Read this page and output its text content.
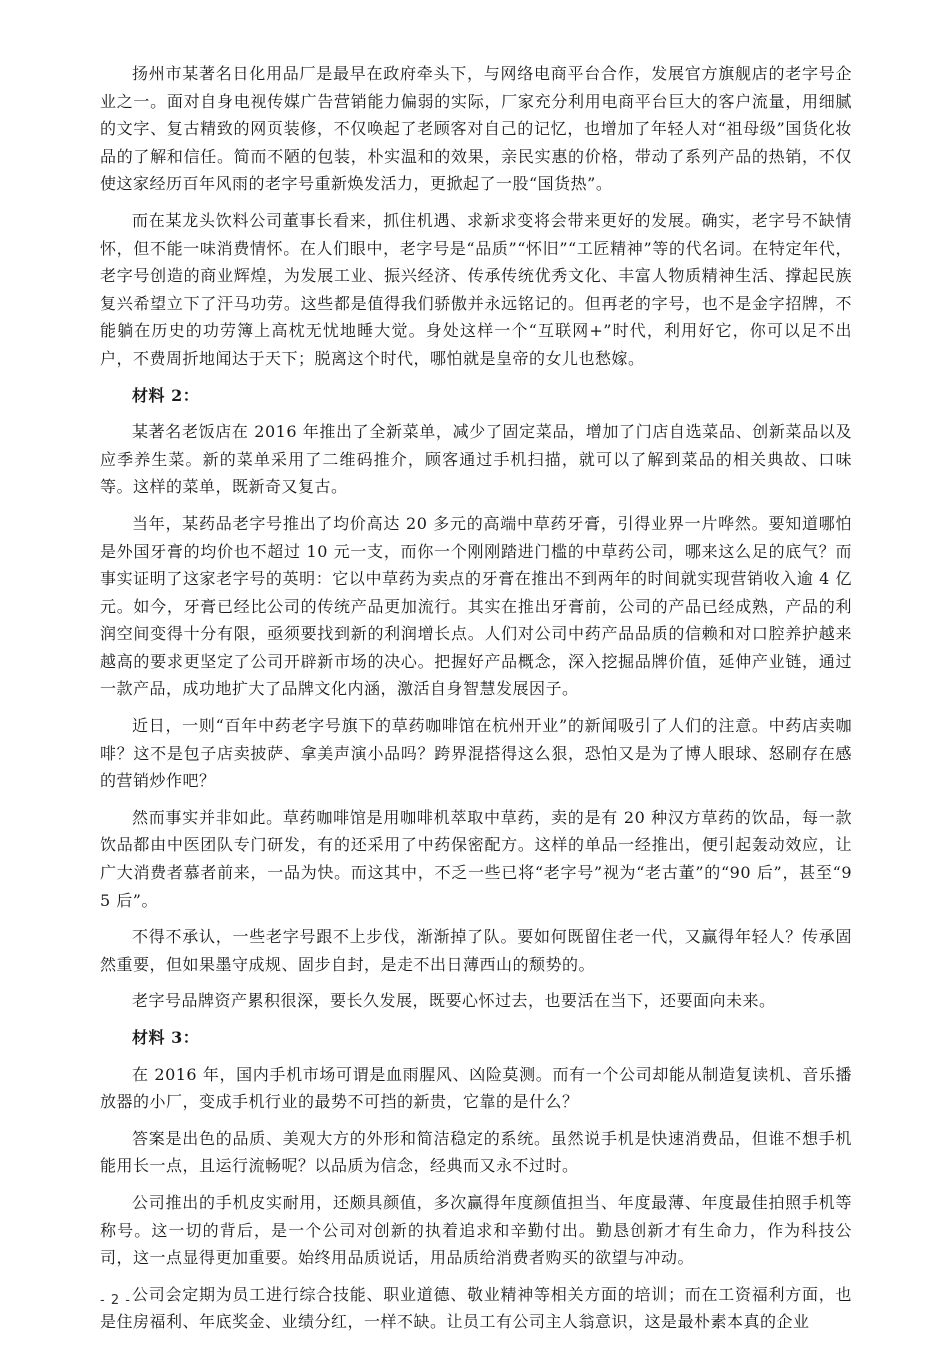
扬州市某著名日化用品厂是最早在政府牵头下，与网络电商平台合作，发展官方旗舰店的老字号企业之一。面对自身电视传媒广告营销能力偏弱的实际，厂家充分利用电商平台巨大的客户流量，用细腻的文字、复古精致的网页装修，不仅唤起了老顾客对自己的记忆，也增加了年轻人对“祖母级”国货化妆品的了解和信任。简而不陋的包装，朴实温和的效果，亲民实惠的价格，带动了系列产品的热销，不仅使这家经历百年风雨的老字号重新焕发活力，更掀起了一股“国货热”。

而在某龙头饮料公司董事长看来，抓住机遇、求新求变将会带来更好的发展。确实，老字号不缺情怀，但不能一味消费情怀。在人们眼中，老字号是“品质”“怀旧”“工匠精神”等的代名词。在特定年代，老字号创造的商业辉煌，为发展工业、振兴经济、传承传统优秀文化、丰富人物质精神生活、撑起民族复兴希望立下了汗马功劳。这些都是值得我们骄傲并永远铭记的。但再老的字号，也不是金字招牌，不能躺在历史的功劳簿上高枕无忧地睡大觉。身处这样一个“互联网+”时代，利用好它，你可以足不出户，不费周折地闻达于天下；脱离这个时代，哪怕就是皇帝的女儿也愁嫁。

材料 2：

某著名老饭店在 2016 年推出了全新菜单，减少了固定菜品，增加了门店自选菜品、创新菜品以及应季养生菜。新的菜单采用了二维码推介，顾客通过手机扫描，就可以了解到菜品的相关典故、口味等。这样的菜单，既新奇又复古。

当年，某药品老字号推出了均价高达 20 多元的高端中草药牙膏，引得业界一片哗然。要知道哪怕是外国牙膏的均价也不超过 10 元一支，而你一个刚刚踏进门槛的中草药公司，哪来这么足的底气？而事实证明了这家老字号的英明：它以中草药为卖点的牙膏在推出不到两年的时间就实现营销收入逾 4 亿元。如今，牙膏已经比公司的传统产品更加流行。其实在推出牙膏前，公司的产品已经成熟，产品的利润空间变得十分有限，亟须要找到新的利润增长点。人们对公司中药产品品质的信赖和对口腔养护越来越高的要求更坚定了公司开辟新市场的决心。把握好产品概念，深入挖掘品牌价值，延伸产业链，通过一款产品，成功地扩大了品牌文化内涵，激活自身智慧发展因子。

近日，一则“百年中药老字号旗下的草药咖啡馆在杭州开业”的新闻吸引了人们的注意。中药店卖咖啡？这不是包子店卖披萨、拿美声演小品吗？跨界混搭得这么狠，恐怕又是为了博人眼球、怒刷存在感的营销炒作吧？

然而事实并非如此。草药咖啡馆是用咖啡机萃取中草药，卖的是有 20 种汉方草药的饮品，每一款饮品都由中医团队专门研发，有的还采用了中药保密配方。这样的单品一经推出，便引起轰动效应，让广大消费者慕者前来，一品为快。而这其中，不乏一些已将“老字号”视为“老古董”的“90 后”，甚至“95 后”。

不得不承认，一些老字号跟不上步伐，渐渐掉了队。要如何既留住老一代，又赢得年轻人？传承固然重要，但如果墨守成规、固步自封，是走不出日薄西山的颓势的。

老字号品牌资产累积很深，要长久发展，既要心怀过去，也要活在当下，还要面向未来。

材料 3：

在 2016 年，国内手机市场可谓是血雨腥风、凶险莫测。而有一个公司却能从制造复读机、音乐播放器的小厂，变成手机行业的最势不可挡的新贵，它靠的是什么？

答案是出色的品质、美观大方的外形和简洁稳定的系统。虽然说手机是快速消费品，但谁不想手机能用长一点，且运行流畅呢？以品质为信念，经典而又永不过时。

公司推出的手机皮实耐用，还颇具颜值，多次赢得年度颜值担当、年度最薄、年度最佳拍照手机等称号。这一切的背后，是一个公司对创新的执着追求和辛勤付出。勤恳创新才有生命力，作为科技公司，这一点显得更加重要。始终用品质说话，用品质给消费者购买的欲望与冲动。

公司会定期为员工进行综合技能、职业道德、敬业精神等相关方面的培训；而在工资福利方面，也是住房福利、年底奖金、业绩分红，一样不缺。让员工有公司主人翁意识，这是最朴素本真的企业

- 2 -
